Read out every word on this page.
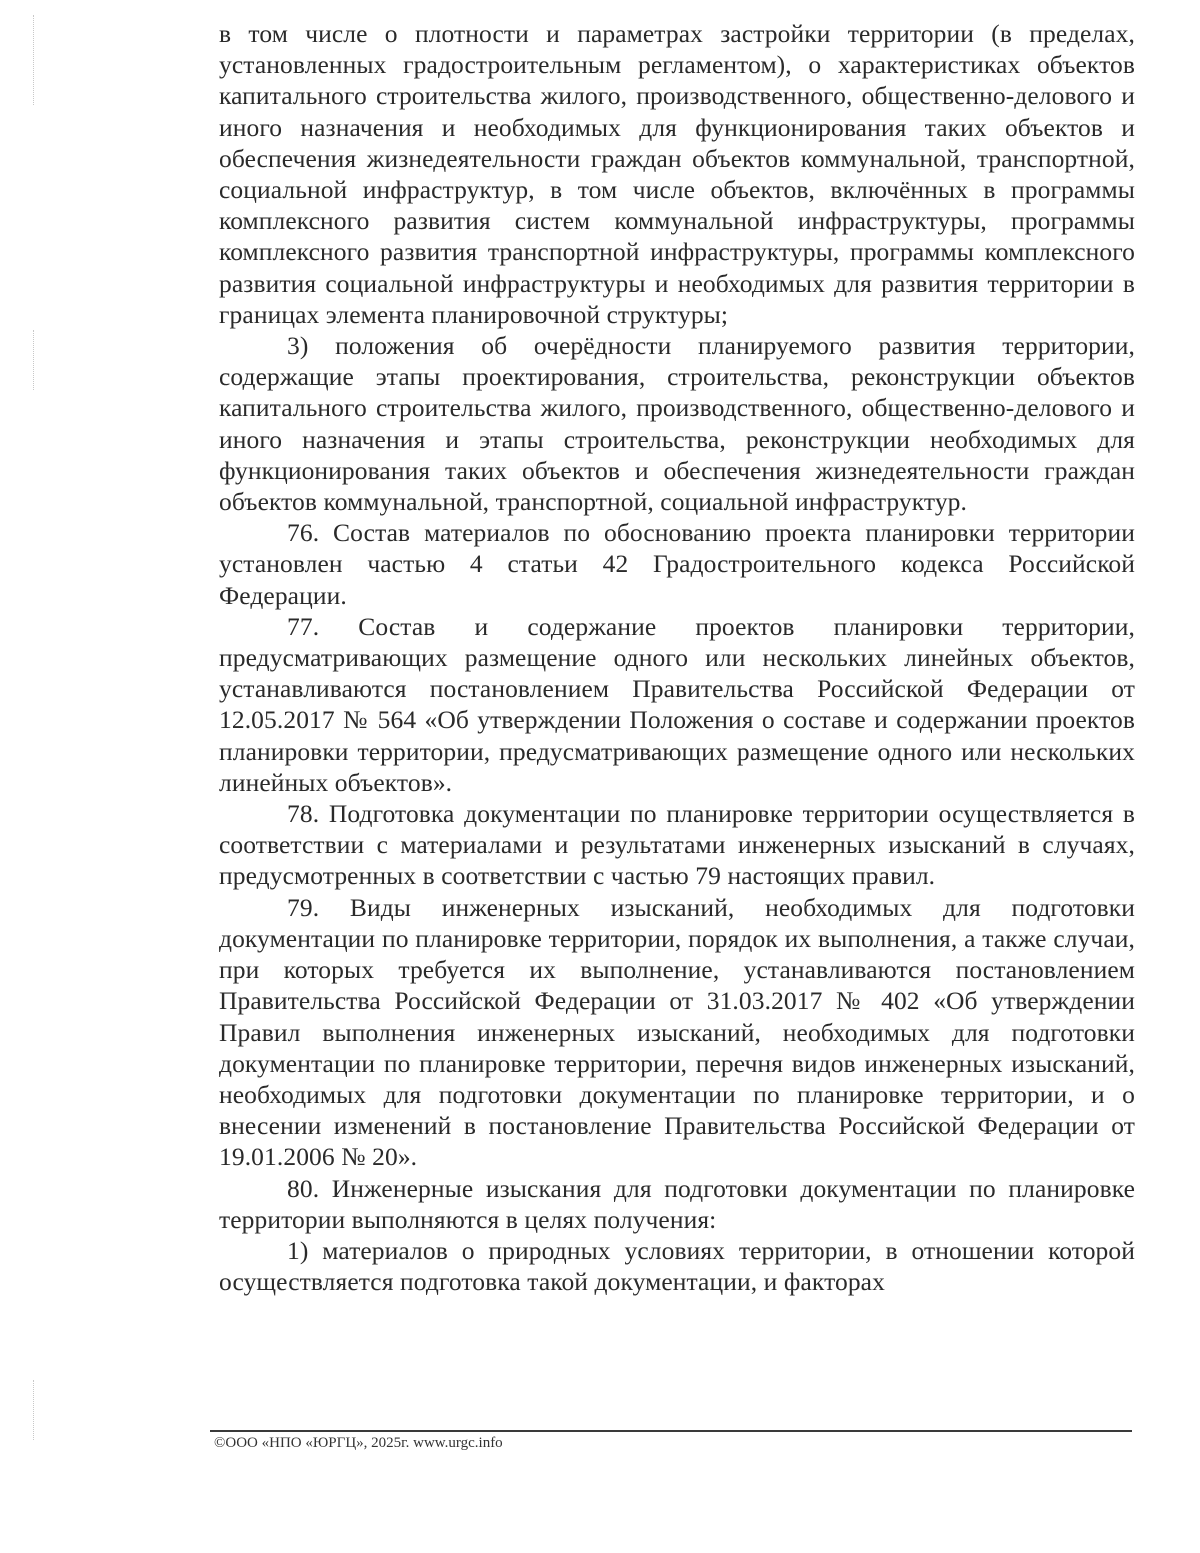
в том числе о плотности и параметрах застройки территории (в пределах, установленных градостроительным регламентом), о характеристиках объектов капитального строительства жилого, производственного, общественно-делового и иного назначения и необходимых для функционирования таких объектов и обеспечения жизнедеятельности граждан объектов коммунальной, транспортной, социальной инфраструктур, в том числе объектов, включённых в программы комплексного развития систем коммунальной инфраструктуры, программы комплексного развития транспортной инфраструктуры, программы комплексного развития социальной инфраструктуры и необходимых для развития территории в границах элемента планировочной структуры;

3) положения об очерёдности планируемого развития территории, содержащие этапы проектирования, строительства, реконструкции объектов капитального строительства жилого, производственного, общественно-делового и иного назначения и этапы строительства, реконструкции необходимых для функционирования таких объектов и обеспечения жизнедеятельности граждан объектов коммунальной, транспортной, социальной инфраструктур.

76. Состав материалов по обоснованию проекта планировки территории установлен частью 4 статьи 42 Градостроительного кодекса Российской Федерации.

77. Состав и содержание проектов планировки территории, предусматривающих размещение одного или нескольких линейных объектов, устанавливаются постановлением Правительства Российской Федерации от 12.05.2017 № 564 «Об утверждении Положения о составе и содержании проектов планировки территории, предусматривающих размещение одного или нескольких линейных объектов».

78. Подготовка документации по планировке территории осуществляется в соответствии с материалами и результатами инженерных изысканий в случаях, предусмотренных в соответствии с частью 79 настоящих правил.

79. Виды инженерных изысканий, необходимых для подготовки документации по планировке территории, порядок их выполнения, а также случаи, при которых требуется их выполнение, устанавливаются постановлением Правительства Российской Федерации от 31.03.2017 № 402 «Об утверждении Правил выполнения инженерных изысканий, необходимых для подготовки документации по планировке территории, перечня видов инженерных изысканий, необходимых для подготовки документации по планировке территории, и о внесении изменений в постановление Правительства Российской Федерации от 19.01.2006 № 20».

80. Инженерные изыскания для подготовки документации по планировке территории выполняются в целях получения:

1) материалов о природных условиях территории, в отношении которой осуществляется подготовка такой документации, и факторах

©ООО «НПО «ЮРГЦ», 2025г. www.urgc.info
